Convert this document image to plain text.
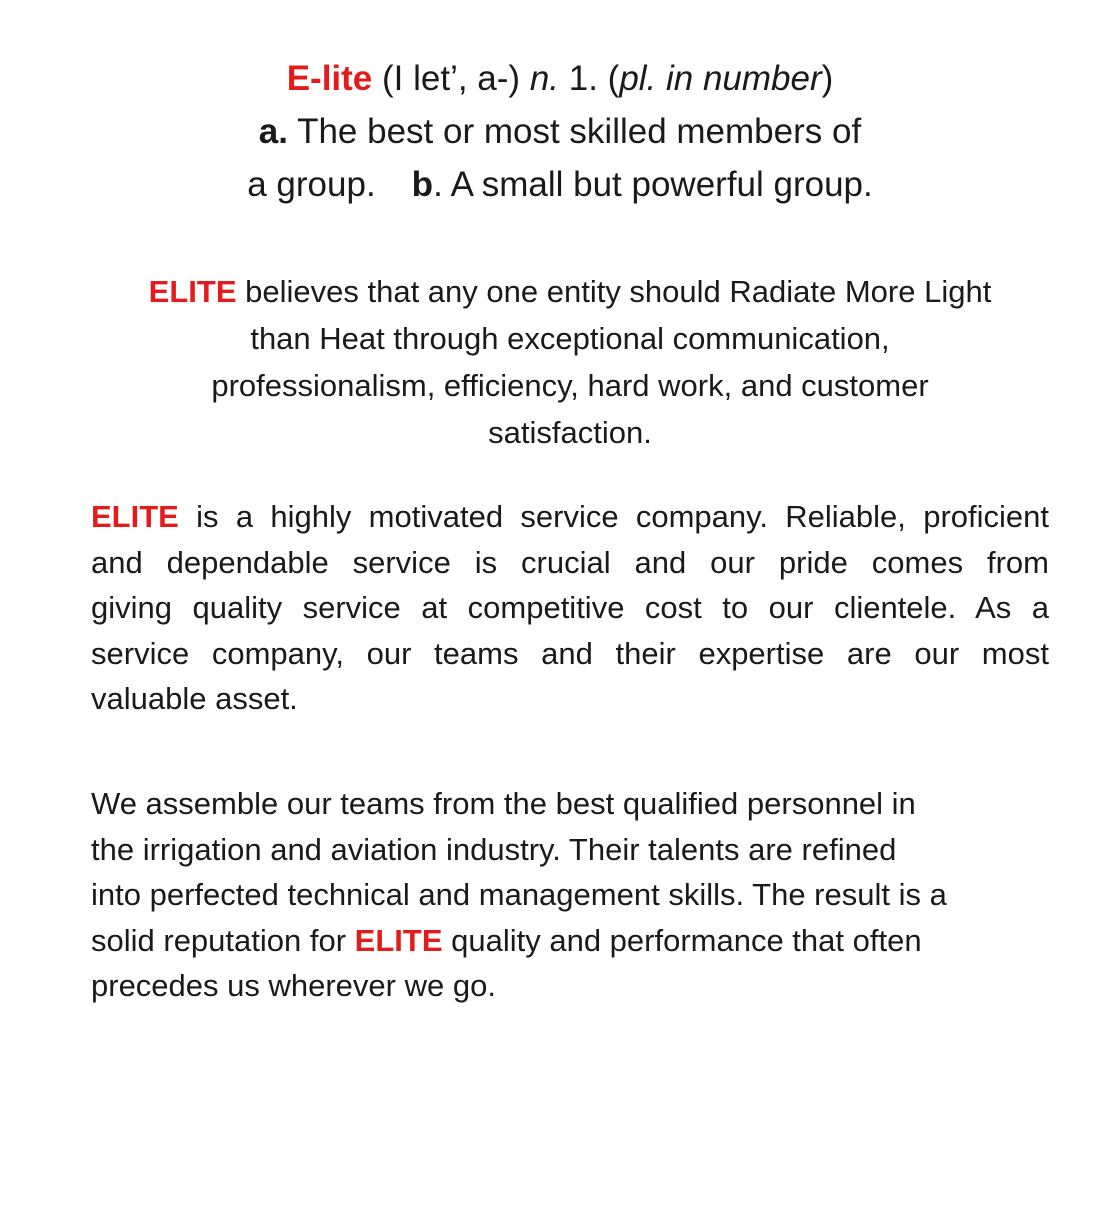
E-lite (I let’, a-) n. 1. (pl. in number)
a. The best or most skilled members of
a group. b. A small but powerful group.
ELITE believes that any one entity should Radiate More Light
than Heat through exceptional communication,
professionalism, efficiency, hard work, and customer
satisfaction.
ELITE is a highly motivated service company. Reliable, proficient
and dependable service is crucial and our pride comes from
giving quality service at competitive cost to our clientele. As a
service company, our teams and their expertise are our most
valuable asset.
We assemble our teams from the best qualified personnel in
the irrigation and aviation industry. Their talents are refined
into perfected technical and management skills. The result is a
solid reputation for ELITE quality and performance that often
precedes us wherever we go.
